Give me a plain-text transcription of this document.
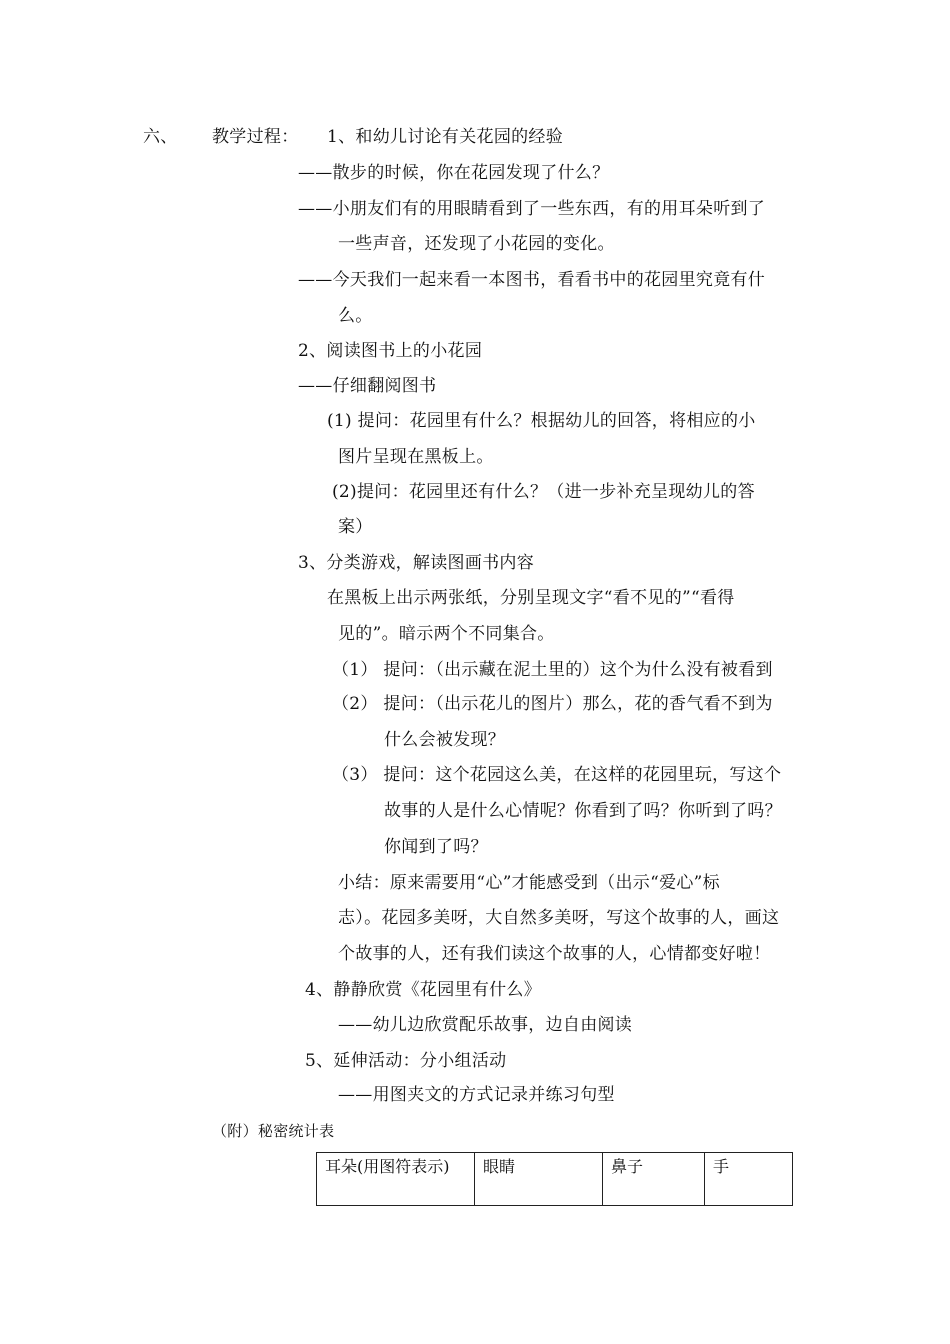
六、 教学过程： 1、和幼儿讨论有关花园的经验
——散步的时候，你在花园发现了什么？
——小朋友们有的用眼睛看到了一些东西，有的用耳朵听到了
一些声音，还发现了小花园的变化。
——今天我们一起来看一本图书，看看书中的花园里究竟有什
么。
2、阅读图书上的小花园
——仔细翻阅图书
(1) 提问：花园里有什么？根据幼儿的回答，将相应的小
图片呈现在黑板上。
(2)提问：花园里还有什么？（进一步补充呈现幼儿的答
案）
3、分类游戏，解读图画书内容
在黑板上出示两张纸，分别呈现文字“看不见的”“看得
见的”。暗示两个不同集合。
（1） 提问：（出示藏在泥土里的）这个为什么没有被看到
（2） 提问：（出示花儿的图片）那么，花的香气看不到为
什么会被发现？
（3） 提问：这个花园这么美，在这样的花园里玩，写这个
故事的人是什么心情呢？你看到了吗？你听到了吗？
你闻到了吗？
小结：原来需要用“心”才能感受到（出示“爱心”标
志）。花园多美呀，大自然多美呀，写这个故事的人，画这
个故事的人，还有我们读这个故事的人，心情都变好啦！
4、静静欣赏《花园里有什么》
——幼儿边欣赏配乐故事，边自由阅读
5、延伸活动：分小组活动
——用图夹文的方式记录并练习句型
（附）秘密统计表
耳朵(用图符表示)	眼睛	鼻子	手
